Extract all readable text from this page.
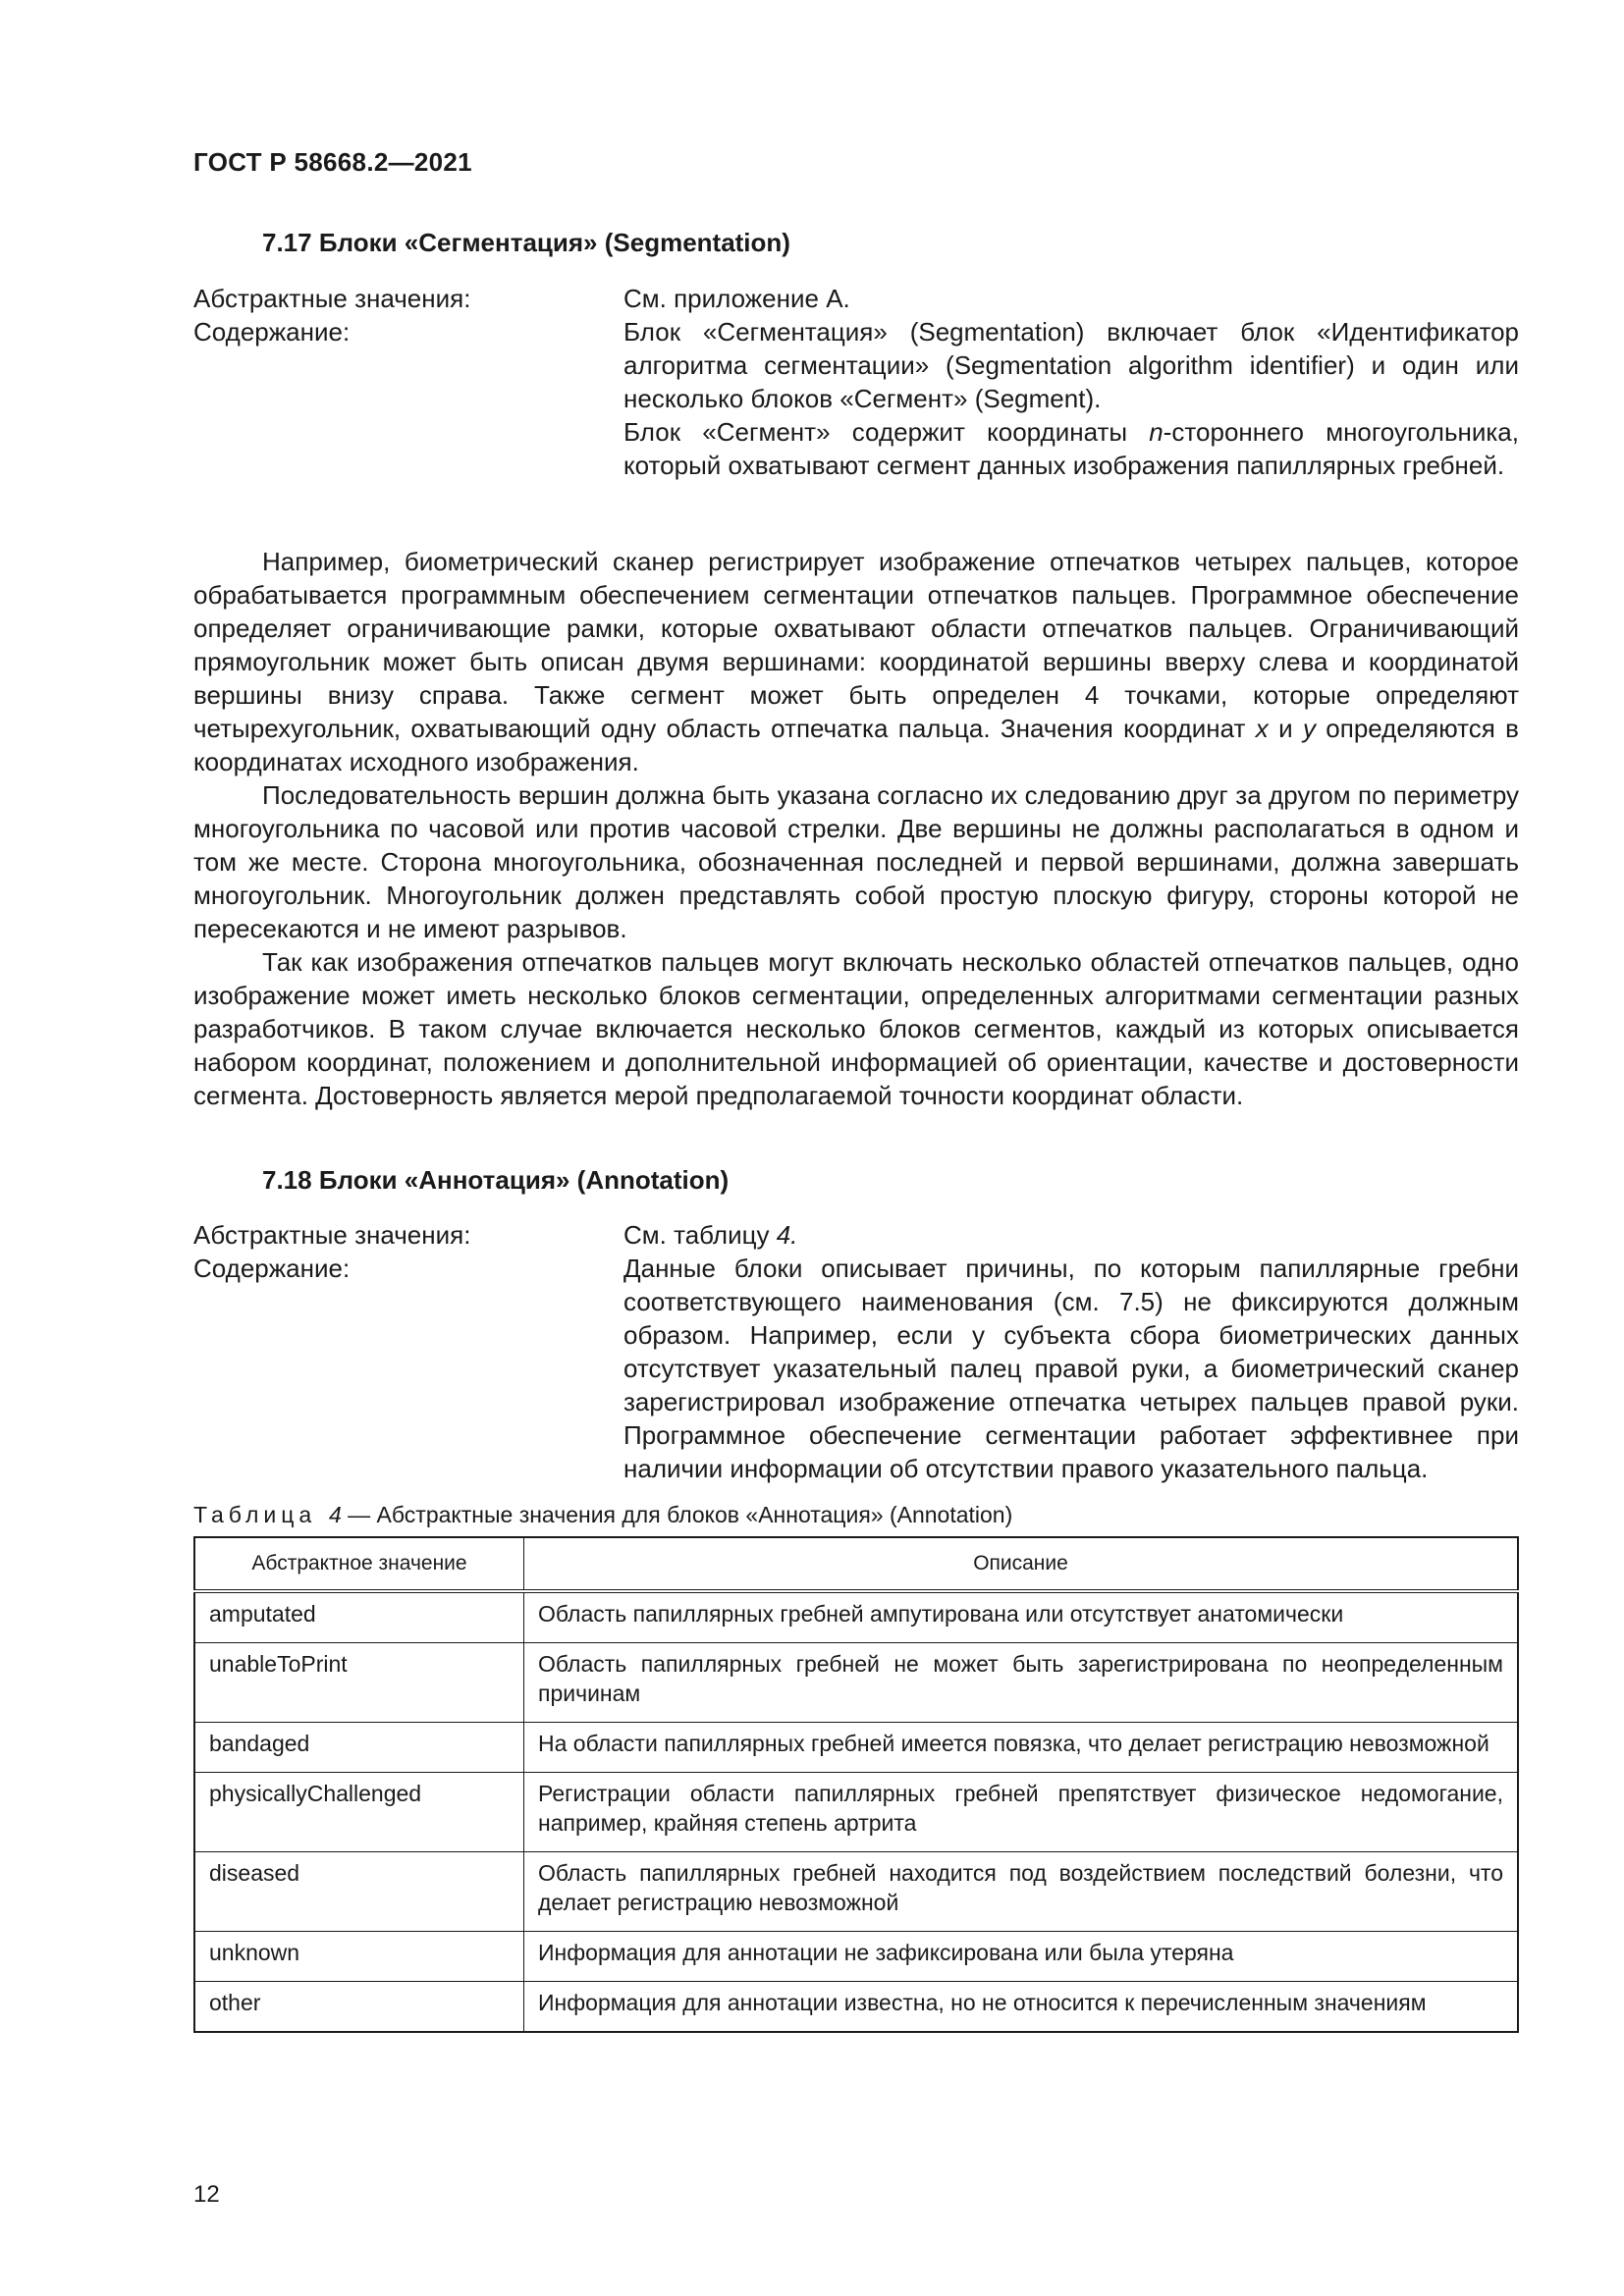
ГОСТ Р 58668.2—2021
7.17 Блоки «Сегментация» (Segmentation)
Абстрактные значения:	См. приложение А.
Содержание:	Блок «Сегментация» (Segmentation) включает блок «Идентификатор алгоритма сегментации» (Segmentation algorithm identifier) и один или несколько блоков «Сегмент» (Segment).

Блок «Сегмент» содержит координаты n-стороннего многоугольника, который охватывают сегмент данных изображения папиллярных гребней.

Например, биометрический сканер регистрирует изображение отпечатков четырех пальцев, которое обрабатывается программным обеспечением сегментации отпечатков пальцев. Программное обеспечение определяет ограничивающие рамки, которые охватывают области отпечатков пальцев. Ограничивающий прямоугольник может быть описан двумя вершинами: координатой вершины вверху слева и координатой вершины внизу справа. Также сегмент может быть определен 4 точками, которые определяют четырехугольник, охватывающий одну область отпечатка пальца. Значения координат x и y определяются в координатах исходного изображения.

Последовательность вершин должна быть указана согласно их следованию друг за другом по периметру многоугольника по часовой или против часовой стрелки. Две вершины не должны располагаться в одном и том же месте. Сторона многоугольника, обозначенная последней и первой вершинами, должна завершать многоугольник. Многоугольник должен представлять собой простую плоскую фигуру, стороны которой не пересекаются и не имеют разрывов.

Так как изображения отпечатков пальцев могут включать несколько областей отпечатков пальцев, одно изображение может иметь несколько блоков сегментации, определенных алгоритмами сегментации разных разработчиков. В таком случае включается несколько блоков сегментов, каждый из которых описывается набором координат, положением и дополнительной информацией об ориентации, качестве и достоверности сегмента. Достоверность является мерой предполагаемой точности координат области.

7.18 Блоки «Аннотация» (Annotation)
Абстрактные значения:	См. таблицу 4.
Содержание:	Данные блоки описывает причины, по которым папиллярные гребни соответствующего наименования (см. 7.5) не фиксируются должным образом. Например, если у субъекта сбора биометрических данных отсутствует указательный палец правой руки, а биометрический сканер зарегистрировал изображение отпечатка четырех пальцев правой руки. Программное обеспечение сегментации работает эффективнее при наличии информации об отсутствии правого указательного пальца.
Таблица 4 — Абстрактные значения для блоков «Аннотация» (Annotation)
Абстрактное значение	Описание
amputated	Область папиллярных гребней ампутирована или отсутствует анатомически
unableToPrint	Область папиллярных гребней не может быть зарегистрирована по неопределенным причинам
bandaged	На области папиллярных гребней имеется повязка, что делает регистрацию невозможной
physicallyChallenged	Регистрации области папиллярных гребней препятствует физическое недомогание, например, крайняя степень артрита
diseased	Область папиллярных гребней находится под воздействием последствий болезни, что делает регистрацию невозможной
unknown	Информация для аннотации не зафиксирована или была утеряна
other	Информация для аннотации известна, но не относится к перечисленным значениям
12
